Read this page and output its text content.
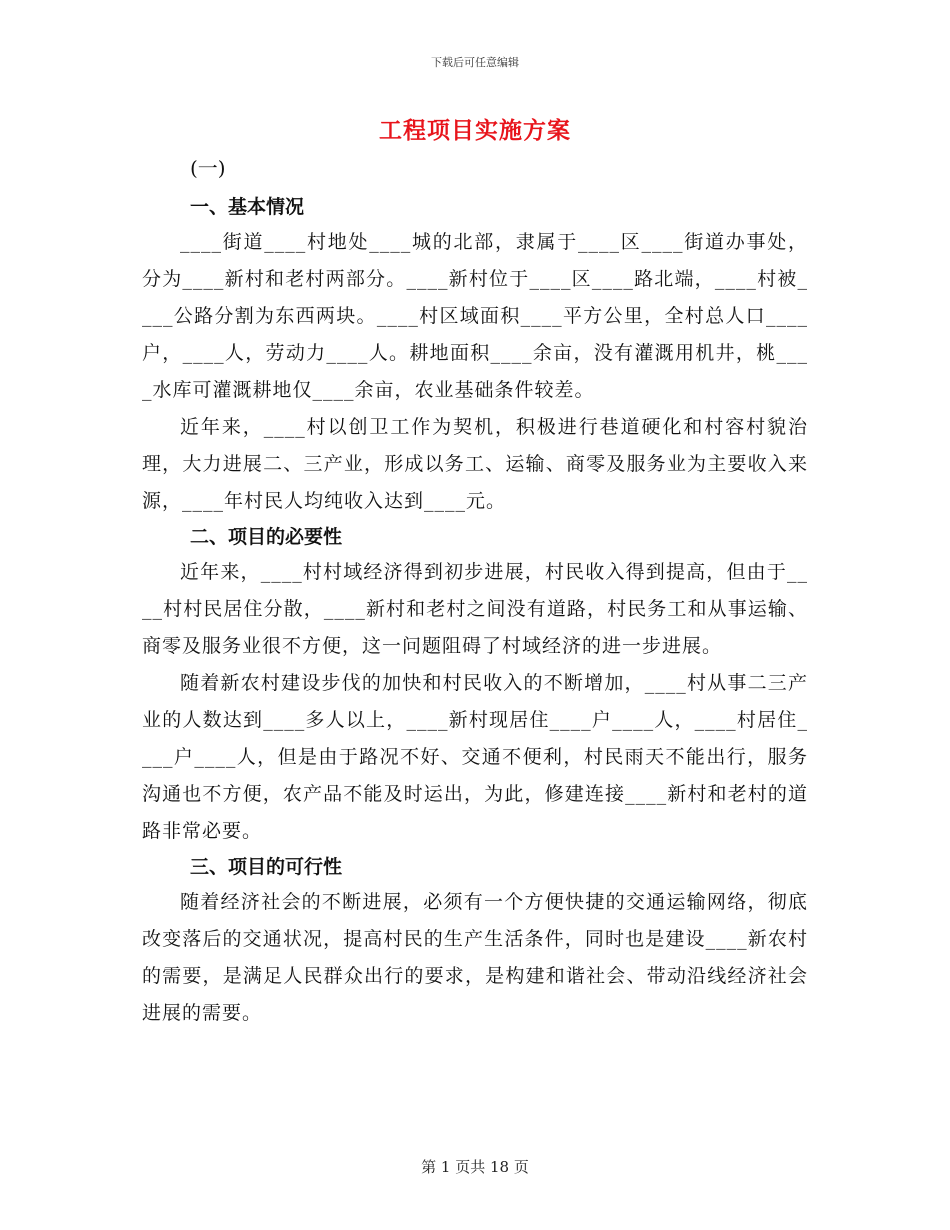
下载后可任意编辑
工程项目实施方案
(一)

一、基本情况

____街道____村地处____城的北部，隶属于____区____街道办事处，分为____新村和老村两部分。____新村位于____区____路北端，____村被____公路分割为东西两块。____村区域面积____平方公里，全村总人口____户，____人，劳动力____人。耕地面积____余亩，没有灌溉用机井，桃____水库可灌溉耕地仅____余亩，农业基础条件较差。

近年来，____村以创卫工作为契机，积极进行巷道硬化和村容村貌治理，大力进展二、三产业，形成以务工、运输、商零及服务业为主要收入来源，____年村民人均纯收入达到____元。

二、项目的必要性

近年来，____村村域经济得到初步进展，村民收入得到提高，但由于____村村民居住分散，____新村和老村之间没有道路，村民务工和从事运输、商零及服务业很不方便，这一问题阻碍了村域经济的进一步进展。

随着新农村建设步伐的加快和村民收入的不断增加，____村从事二三产业的人数达到____多人以上，____新村现居住____户____人，____村居住____户____人，但是由于路况不好、交通不便利，村民雨天不能出行，服务沟通也不方便，农产品不能及时运出，为此，修建连接____新村和老村的道路非常必要。

三、项目的可行性

随着经济社会的不断进展，必须有一个方便快捷的交通运输网络，彻底改变落后的交通状况，提高村民的生产生活条件，同时也是建设____新农村的需要，是满足人民群众出行的要求，是构建和谐社会、带动沿线经济社会进展的需要。

第 1 页共 18 页
